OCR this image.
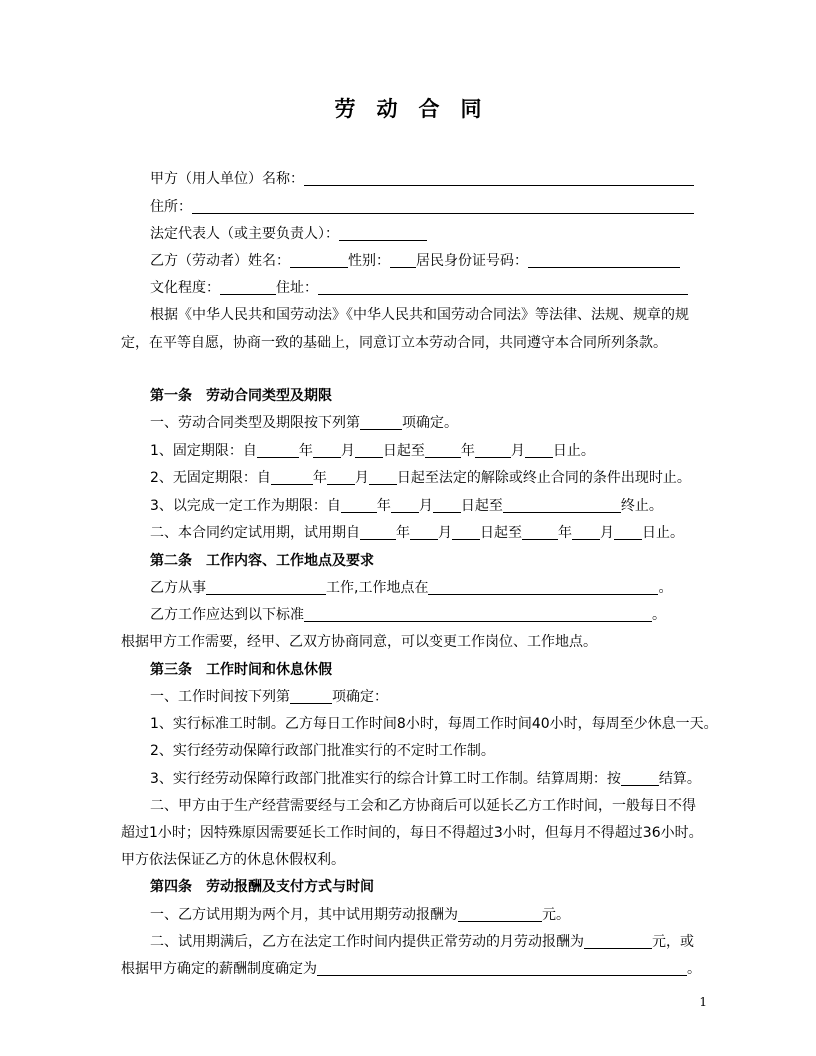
劳　动　合　同
甲方（用人单位）名称：
住所：
法定代表人（或主要负责人）：
乙方（劳动者）姓名：	性别： 居民身份证号码：
文化程度：	住址：
根据《中华人民共和国劳动法》《中华人民共和国劳动合同法》等法律、法规、规章的规
定，在平等自愿，协商一致的基础上，同意订立本劳动合同，共同遵守本合同所列条款。
第一条　劳动合同类型及期限
一、劳动合同类型及期限按下列第	项确定。
1、固定期限：自	年 月 日起至	年	月 日止。
2、无固定期限：自	年 月 日起至法定的解除或终止合同的条件出现时止。
3、以完成一定工作为期限：自	年 月 日起至	终止。
二、本合同约定试用期，试用期自	年 月 日起至	年 月 日止。
第二条　工作内容、工作地点及要求
乙方从事	工作,工作地点在	。
乙方工作应达到以下标准	。
根据甲方工作需要，经甲、乙双方协商同意，可以变更工作岗位、工作地点。
第三条　工作时间和休息休假
一、工作时间按下列第	项确定：
1、实行标准工时制。乙方每日工作时间8小时，每周工作时间40小时，每周至少休息一天。
2、实行经劳动保障行政部门批准实行的不定时工作制。
3、实行经劳动保障行政部门批准实行的综合计算工时工作制。结算周期：按	结算。
二、甲方由于生产经营需要经与工会和乙方协商后可以延长乙方工作时间，一般每日不得
超过1小时；因特殊原因需要延长工作时间的，每日不得超过3小时，但每月不得超过36小时。
甲方依法保证乙方的休息休假权利。
第四条　劳动报酬及支付方式与时间
一、乙方试用期为两个月，其中试用期劳动报酬为	元。
二、试用期满后，乙方在法定工作时间内提供正常劳动的月劳动报酬为	元，或
根据甲方确定的薪酬制度确定为	。
1
